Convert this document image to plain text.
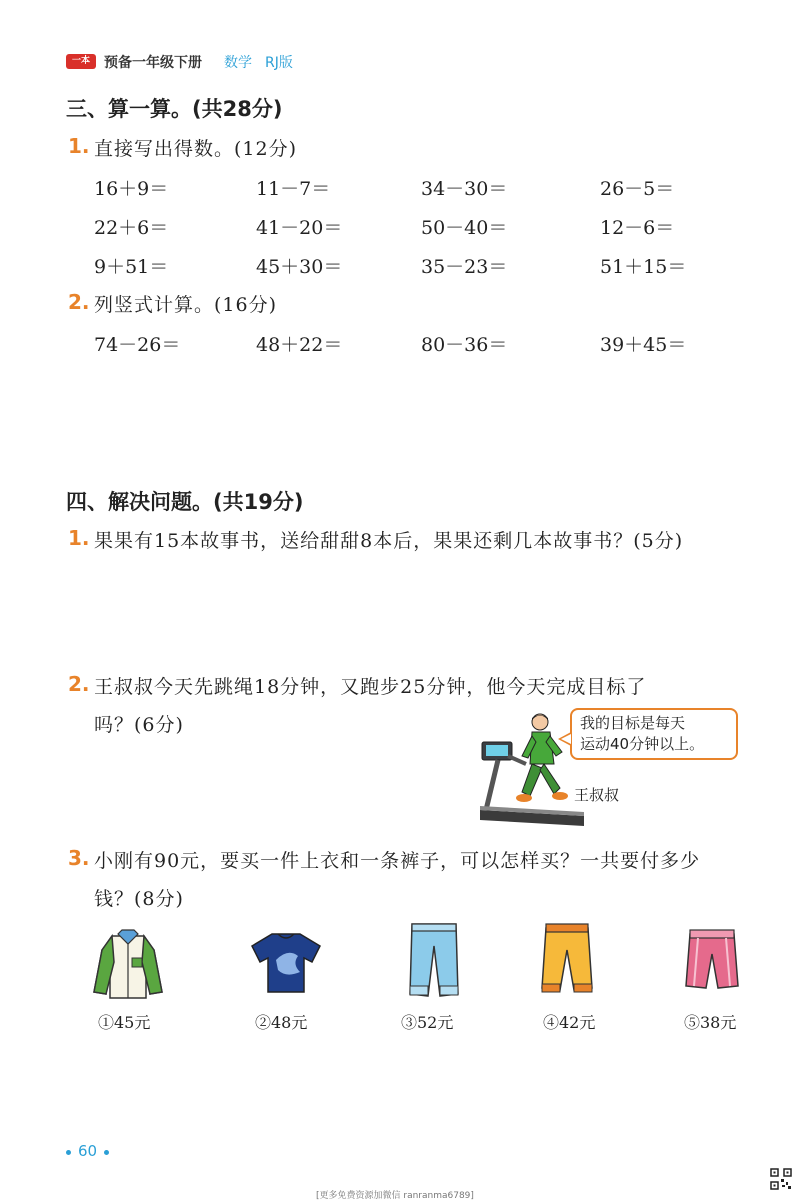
一本	预备一年级下册 数学 RJ版
三、算一算。(共28分)
1. 直接写出得数。(12分)
16＋9＝	11－7＝	34－30＝	26－5＝
22＋6＝	41－20＝	50－40＝	12－6＝
9＋51＝	45＋30＝	35－23＝	51＋15＝
2. 列竖式计算。(16分)
74－26＝	48＋22＝	80－36＝	39＋45＝
四、解决问题。(共19分)
1. 果果有15本故事书，送给甜甜8本后，果果还剩几本故事书？(5分)
2. 王叔叔今天先跳绳18分钟，又跑步25分钟，他今天完成目标了
吗？(6分)	我的目标是每天
运动40分钟以上。
王叔叔
3. 小刚有90元，要买一件上衣和一条裤子，可以怎样买？一共要付多少
钱？(8分)
①45元	②48元	③52元	④42元	⑤38元
60
[更多免费资源加微信 ranranma6789]
